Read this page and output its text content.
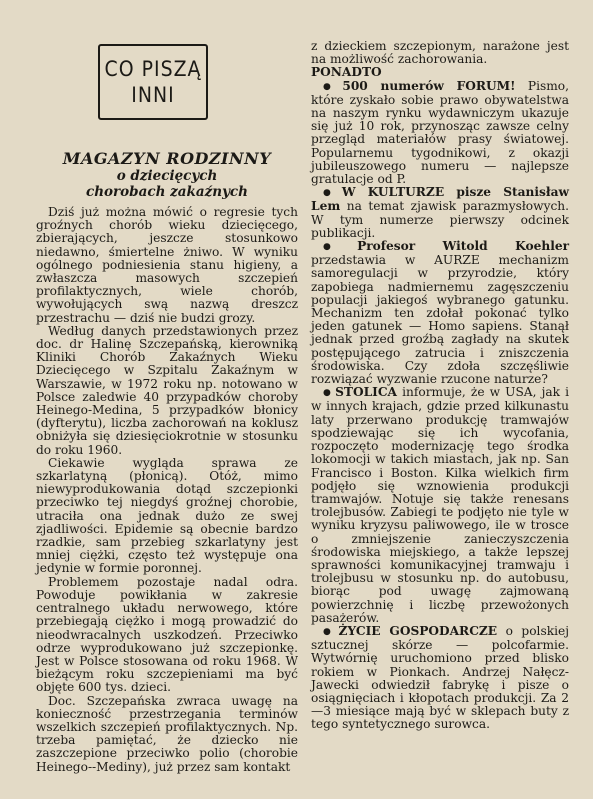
CO PISZĄ
INNI
MAGAZYN RODZINNY
o dziecięcych
chorobach zakaźnych

Dziś już można mówić o regresie tych groźnych chorób wieku dziecięcego, zbierających, jeszcze stosunkowo niedawno, śmiertelne żniwo. W wyniku ogólnego podniesienia stanu higieny, a zwłaszcza masowych szczepień profilaktycznych, wiele chorób, wywołujących swą nazwą dreszcz przestrachu — dziś nie budzi grozy.

Według danych przedstawionych przez doc. dr Halinę Szczepańską, kierowniką Kliniki Chorób Zakaźnych Wieku Dziecięcego w Szpitalu Zakaźnym w Warszawie, w 1972 roku np. notowano w Polsce zaledwie 40 przypadków choroby Heinego-Medina, 5 przypadków błonicy (dyfterytu), liczba zachorowań na koklusz obniżyła się dziesięciokrotnie w stosunku do roku 1960.

Ciekawie wygląda sprawa ze szkarlatyną (płonicą). Otóż, mimo niewyprodukowania dotąd szczepionki przeciwko tej niegdyś groźnej chorobie, utraciła ona jednak dużo ze swej zjadliwości. Epidemie są obecnie bardzo rzadkie, sam przebieg szkarlatyny jest mniej ciężki, często też występuje ona jedynie w formie poronnej.

Problemem pozostaje nadal odra. Powoduje powikłania w zakresie centralnego układu nerwowego, które przebiegają ciężko i mogą prowadzić do nieodwracalnych uszkodzeń. Przeciwko odrze wyprodukowano już szczepionkę. Jest w Polsce stosowana od roku 1968. W bieżącym roku szczepieniami ma być objęte 600 tys. dzieci.

Doc. Szczepańska zwraca uwagę na konieczność przestrzegania terminów wszelkich szczepień profilaktycznych. Np. trzeba pamiętać, że dziecko nie zaszczepione przeciwko polio (chorobie Heinego--Mediny), już przez sam kontakt

z dzieckiem szczepionym, narażone jest na możliwość zachorowania.

PONADTO

● 500 numerów FORUM! Pismo, które zyskało sobie prawo obywatelstwa na naszym rynku wydawniczym ukazuje się już 10 rok, przynosząc zawsze celny przegląd materiałów prasy światowej. Popularnemu tygodnikowi, z okazji jubileuszowego numeru — najlepsze gratulacje od P.

● W KULTURZE pisze Stanisław Lem na temat zjawisk parazmysłowych. W tym numerze pierwszy odcinek publikacji.

● Profesor Witold Koehler przedstawia w AURZE mechanizm samoregulacji w przyrodzie, który zapobiega nadmiernemu zagęszczeniu populacji jakiegoś wybranego gatunku. Mechanizm ten zdołał pokonać tylko jeden gatunek — Homo sapiens. Stanął jednak przed groźbą zagłady na skutek postępującego zatrucia i zniszczenia środowiska. Czy zdoła szczęśliwie rozwiązać wyzwanie rzucone naturze?

● STOLICA informuje, że w USA, jak i w innych krajach, gdzie przed kilkunastu laty przerwano produkcję tramwajów spodziewając się ich wycofania, rozpoczęto modernizację tego środka lokomocji w takich miastach, jak np. San Francisco i Boston. Kilka wielkich firm podjęło się wznowienia produkcji tramwajów. Notuje się także renesans trolejbusów. Zabiegi te podjęto nie tyle w wyniku kryzysu paliwowego, ile w trosce o zmniejszenie zanieczyszczenia środowiska miejskiego, a także lepszej sprawności komunikacyjnej tramwaju i trolejbusu w stosunku np. do autobusu, biorąc pod uwagę zajmowaną powierzchnię i liczbę przewożonych pasażerów.

● ŻYCIE GOSPODARCZE o polskiej sztucznej skórze — polcofarmie. Wytwórnię uruchomiono przed blisko rokiem w Pionkach. Andrzej Nałęcz-Jawecki odwiedził fabrykę i pisze o osiągnięciach i kłopotach produkcji. Za 2—3 miesiące mają być w sklepach buty z tego syntetycznego surowca.
